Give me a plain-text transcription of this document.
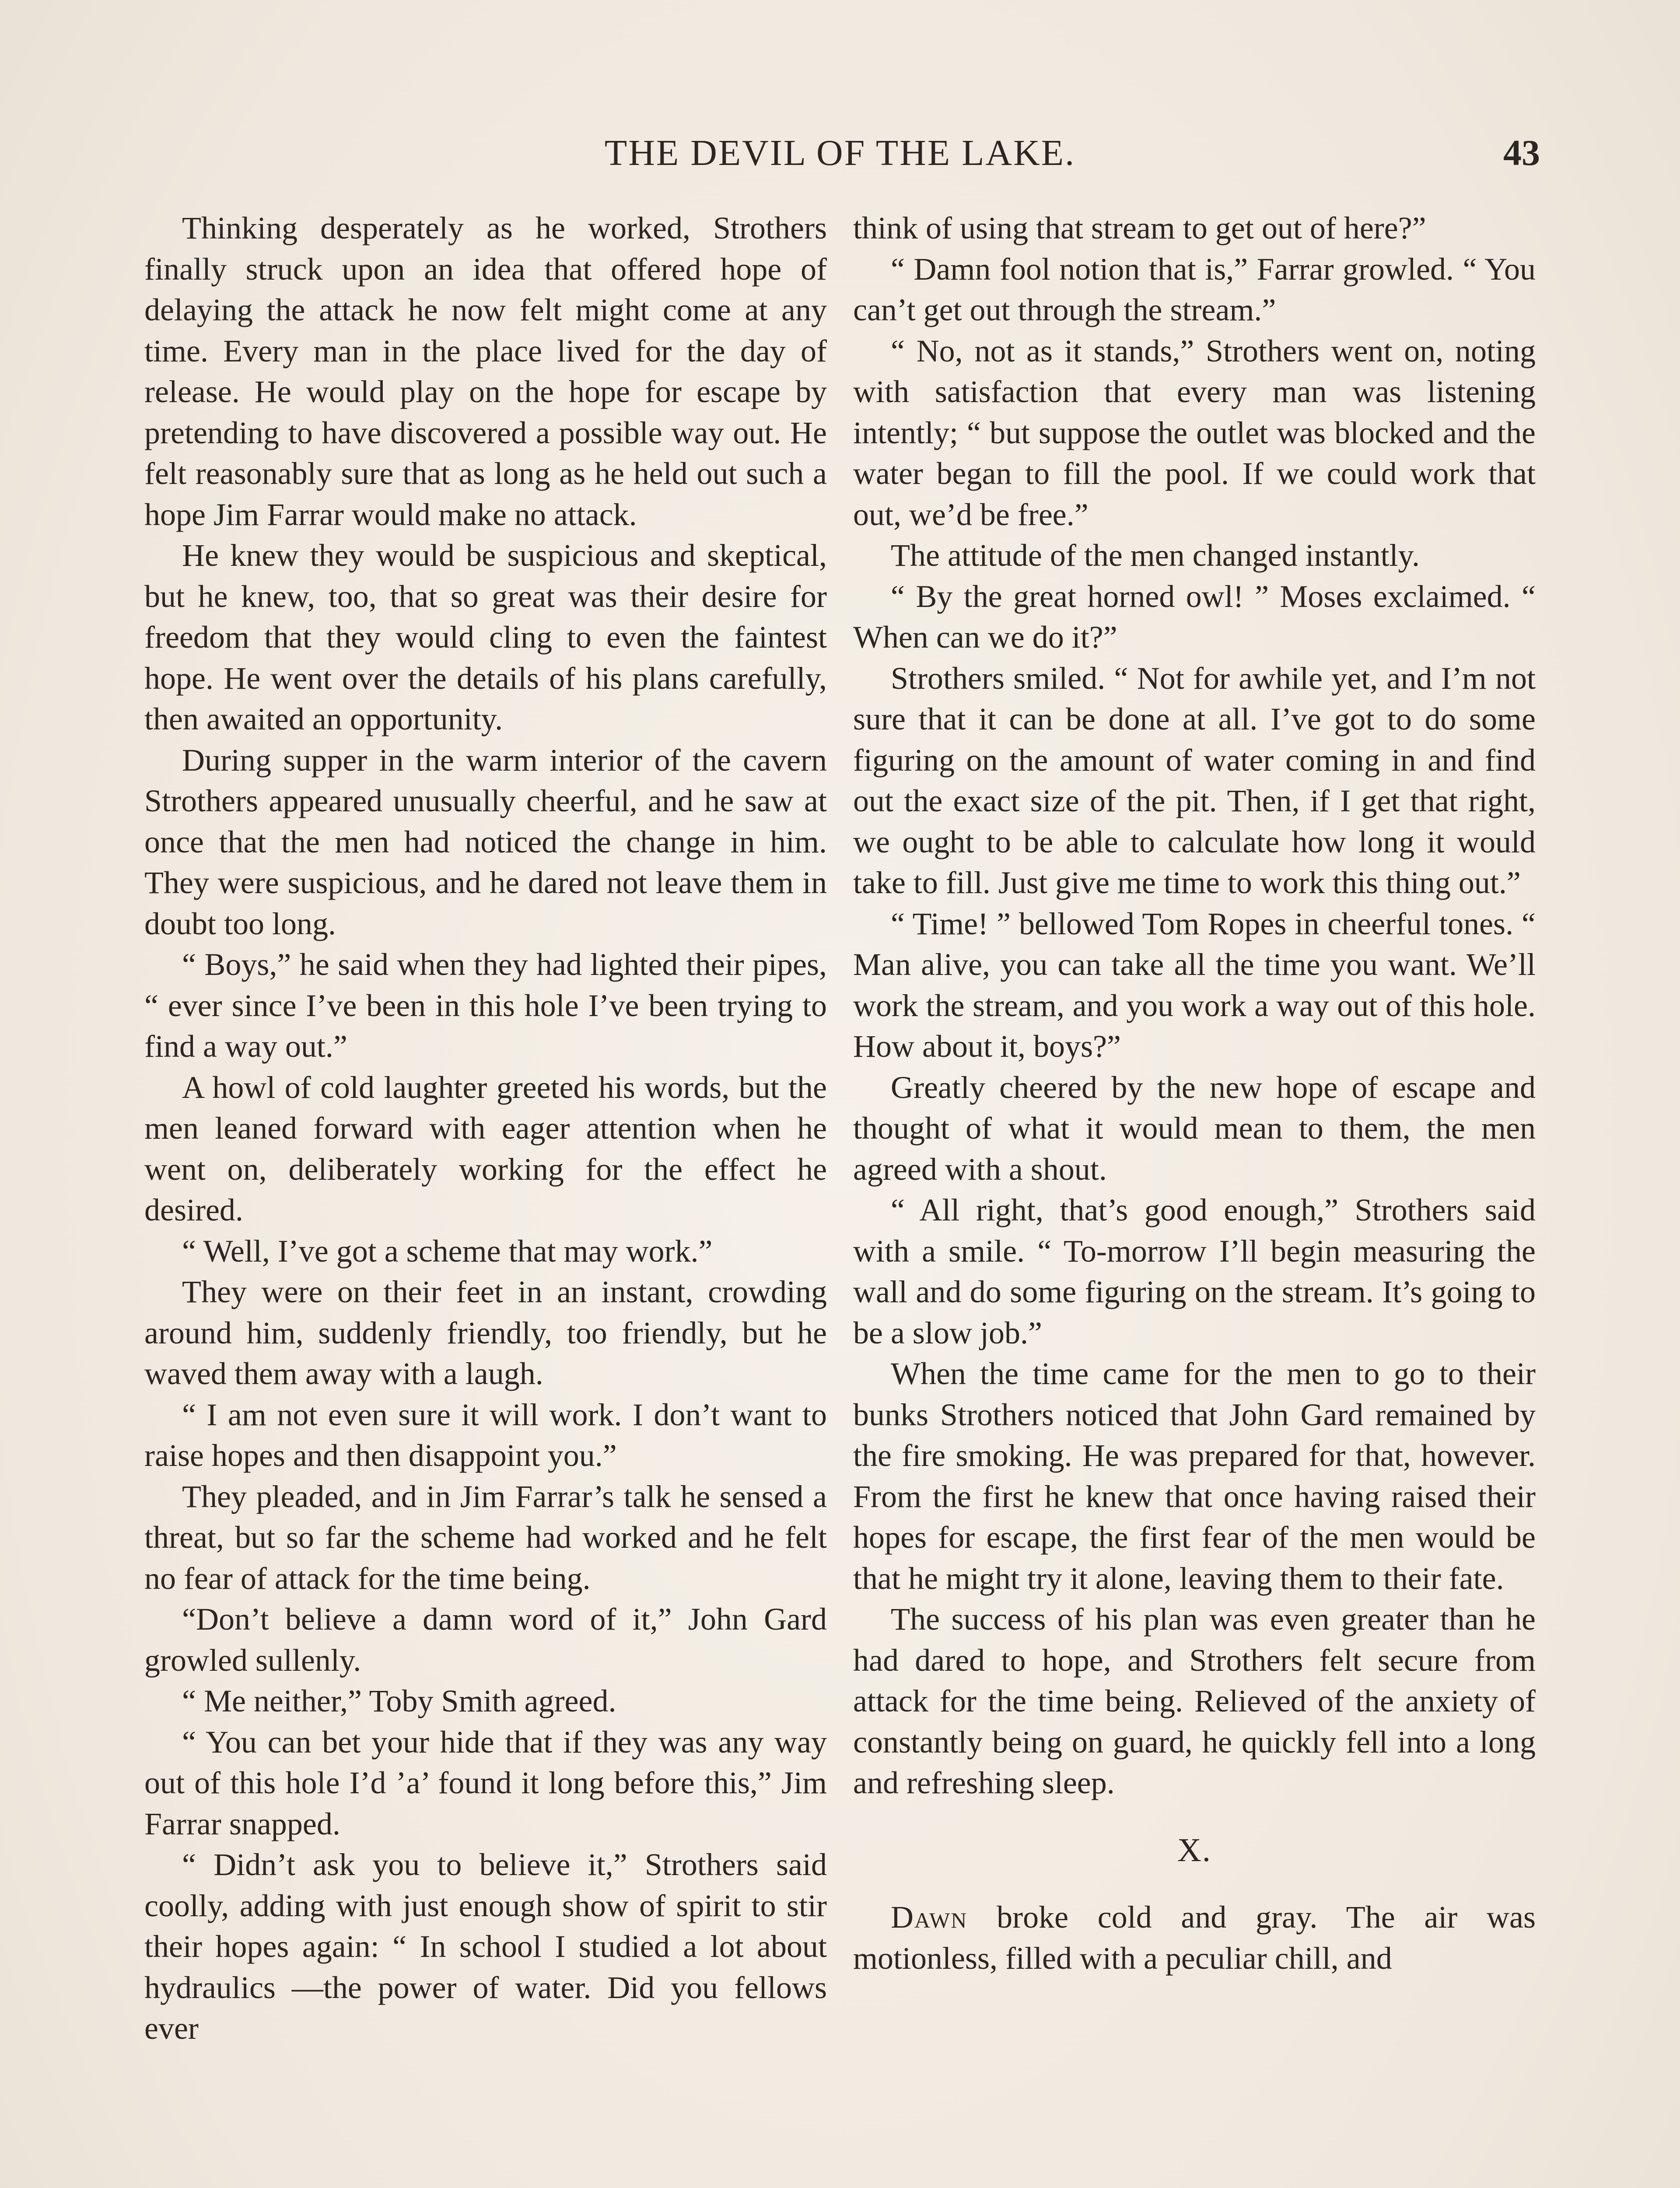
THE DEVIL OF THE LAKE.	43

Thinking desperately as he worked, Strothers finally struck upon an idea that offered hope of delaying the attack he now felt might come at any time. Every man in the place lived for the day of release. He would play on the hope for escape by pretending to have discovered a possible way out. He felt reasonably sure that as long as he held out such a hope Jim Farrar would make no attack.

He knew they would be suspicious and skeptical, but he knew, too, that so great was their desire for freedom that they would cling to even the faintest hope. He went over the details of his plans carefully, then awaited an opportunity.

During supper in the warm interior of the cavern Strothers appeared unusually cheerful, and he saw at once that the men had noticed the change in him. They were suspicious, and he dared not leave them in doubt too long.

“ Boys,” he said when they had lighted their pipes, “ ever since I’ve been in this hole I’ve been trying to find a way out.”

A howl of cold laughter greeted his words, but the men leaned forward with eager attention when he went on, deliberately working for the effect he desired.

“ Well, I’ve got a scheme that may work.”

They were on their feet in an instant, crowding around him, suddenly friendly, too friendly, but he waved them away with a laugh.

“ I am not even sure it will work. I don’t want to raise hopes and then disappoint you.”

They pleaded, and in Jim Farrar’s talk he sensed a threat, but so far the scheme had worked and he felt no fear of attack for the time being.

“Don’t believe a damn word of it,” John Gard growled sullenly.

“ Me neither,” Toby Smith agreed.

“ You can bet your hide that if they was any way out of this hole I’d ’a’ found it long before this,” Jim Farrar snapped.

“ Didn’t ask you to believe it,” Strothers said coolly, adding with just enough show of spirit to stir their hopes again: “ In school I studied a lot about hydraulics —the power of water. Did you fellows ever

think of using that stream to get out of here?”

“ Damn fool notion that is,” Farrar growled. “ You can’t get out through the stream.”

“ No, not as it stands,” Strothers went on, noting with satisfaction that every man was listening intently; “ but suppose the outlet was blocked and the water began to fill the pool. If we could work that out, we’d be free.”

The attitude of the men changed instantly.

“ By the great horned owl! ” Moses exclaimed. “ When can we do it?”

Strothers smiled. “ Not for awhile yet, and I’m not sure that it can be done at all. I’ve got to do some figuring on the amount of water coming in and find out the exact size of the pit. Then, if I get that right, we ought to be able to calculate how long it would take to fill. Just give me time to work this thing out.”

“ Time! ” bellowed Tom Ropes in cheerful tones. “ Man alive, you can take all the time you want. We’ll work the stream, and you work a way out of this hole. How about it, boys?”

Greatly cheered by the new hope of escape and thought of what it would mean to them, the men agreed with a shout.

“ All right, that’s good enough,” Strothers said with a smile. “ To-morrow I’ll begin measuring the wall and do some figuring on the stream. It’s going to be a slow job.”

When the time came for the men to go to their bunks Strothers noticed that John Gard remained by the fire smoking. He was prepared for that, however. From the first he knew that once having raised their hopes for escape, the first fear of the men would be that he might try it alone, leaving them to their fate.

The success of his plan was even greater than he had dared to hope, and Strothers felt secure from attack for the time being. Relieved of the anxiety of constantly being on guard, he quickly fell into a long and refreshing sleep.

X.

Dawn broke cold and gray. The air was motionless, filled with a peculiar chill, and
